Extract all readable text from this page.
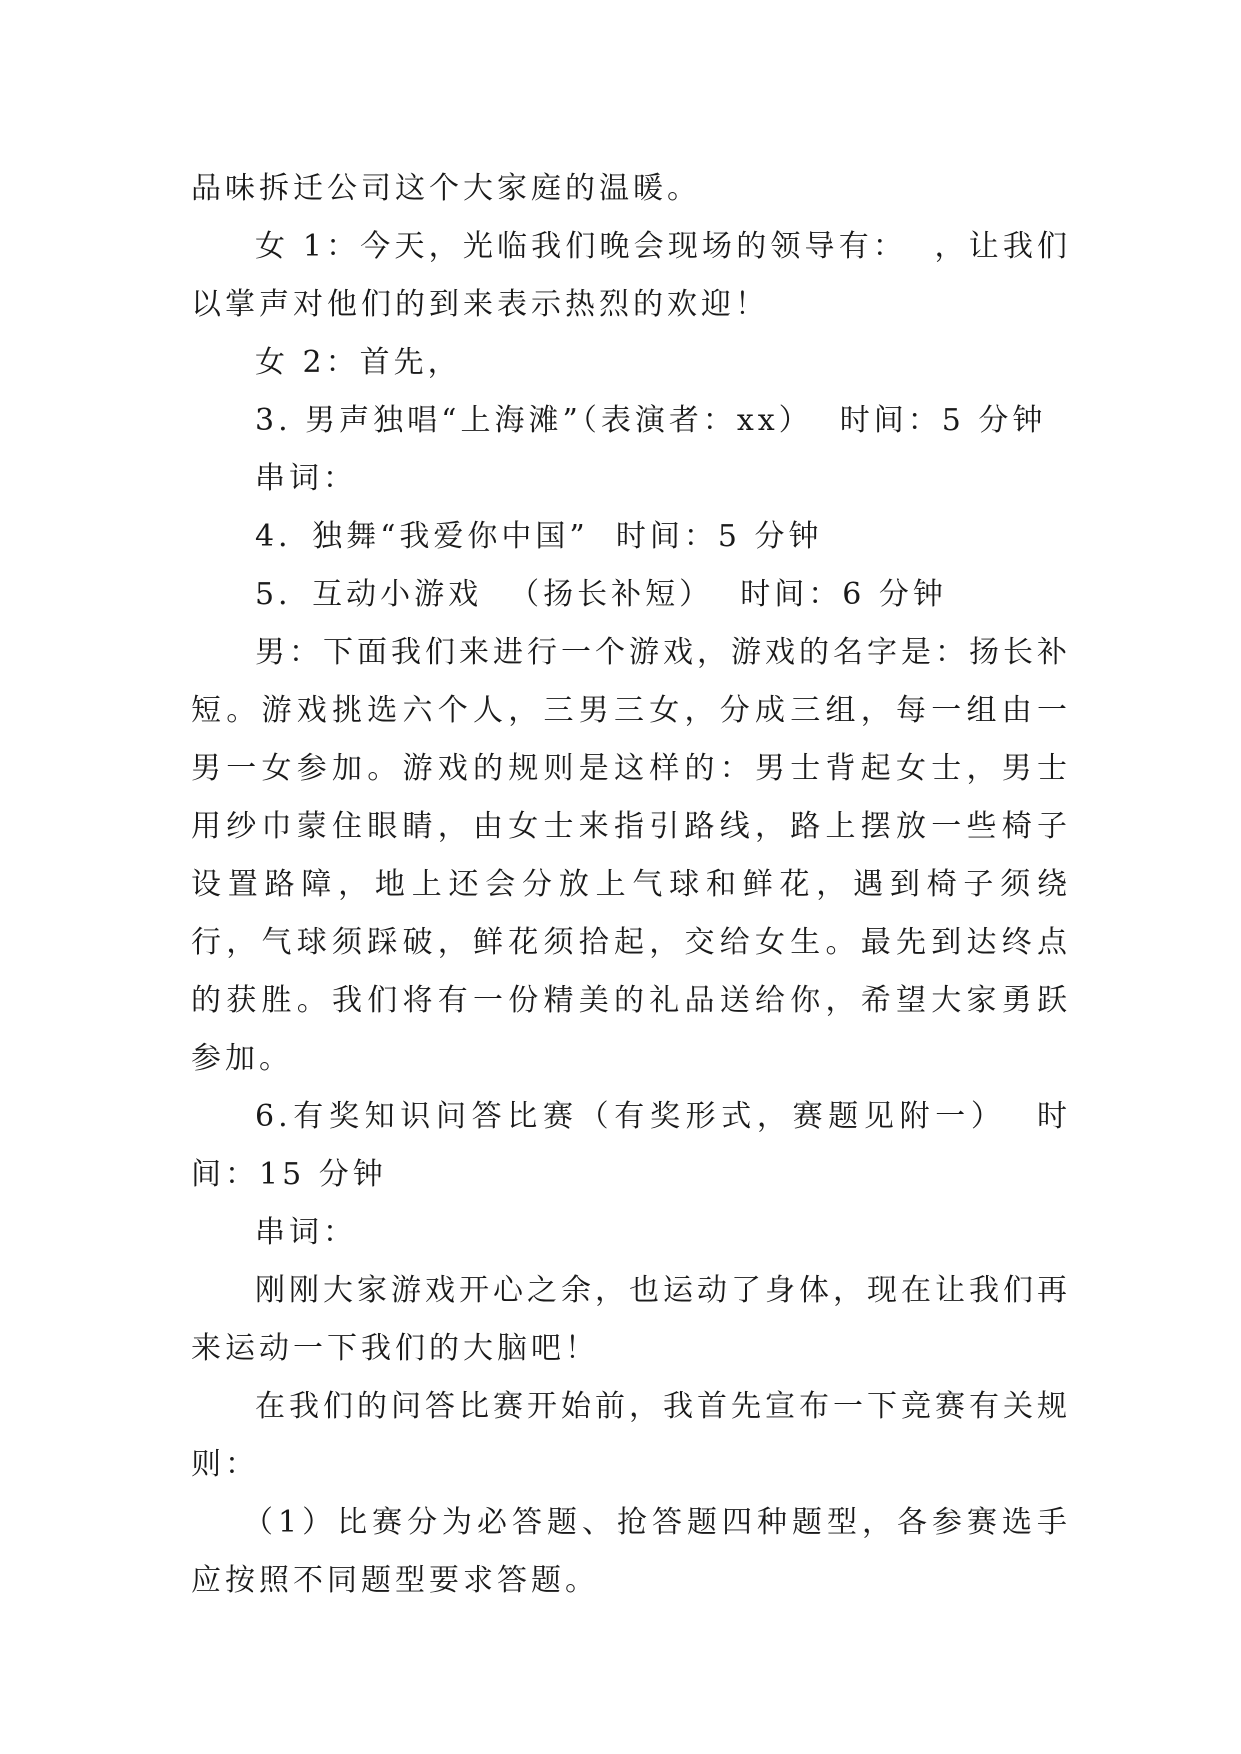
品味拆迁公司这个大家庭的温暖。

女 1：今天，光临我们晚会现场的领导有：  ，让我们以掌声对他们的到来表示热烈的欢迎！

女 2：首先，

3. 男声独唱“上海滩”（表演者：xx）  时间：5 分钟

串词：

4．独舞“我爱你中国”  时间：5 分钟

5．互动小游戏  （扬长补短）  时间：6 分钟

男：下面我们来进行一个游戏，游戏的名字是：扬长补短。游戏挑选六个人，三男三女，分成三组，每一组由一男一女参加。游戏的规则是这样的：男士背起女士，男士用纱巾蒙住眼睛，由女士来指引路线，路上摆放一些椅子设置路障，地上还会分放上气球和鲜花，遇到椅子须绕行，气球须踩破，鲜花须拾起，交给女生。最先到达终点的获胜。我们将有一份精美的礼品送给你，希望大家勇跃参加。

6.有奖知识问答比赛（有奖形式，赛题见附一）  时间：15 分钟

串词：

刚刚大家游戏开心之余，也运动了身体，现在让我们再来运动一下我们的大脑吧！

在我们的问答比赛开始前，我首先宣布一下竞赛有关规则：

（1）比赛分为必答题、抢答题四种题型，各参赛选手应按照不同题型要求答题。
